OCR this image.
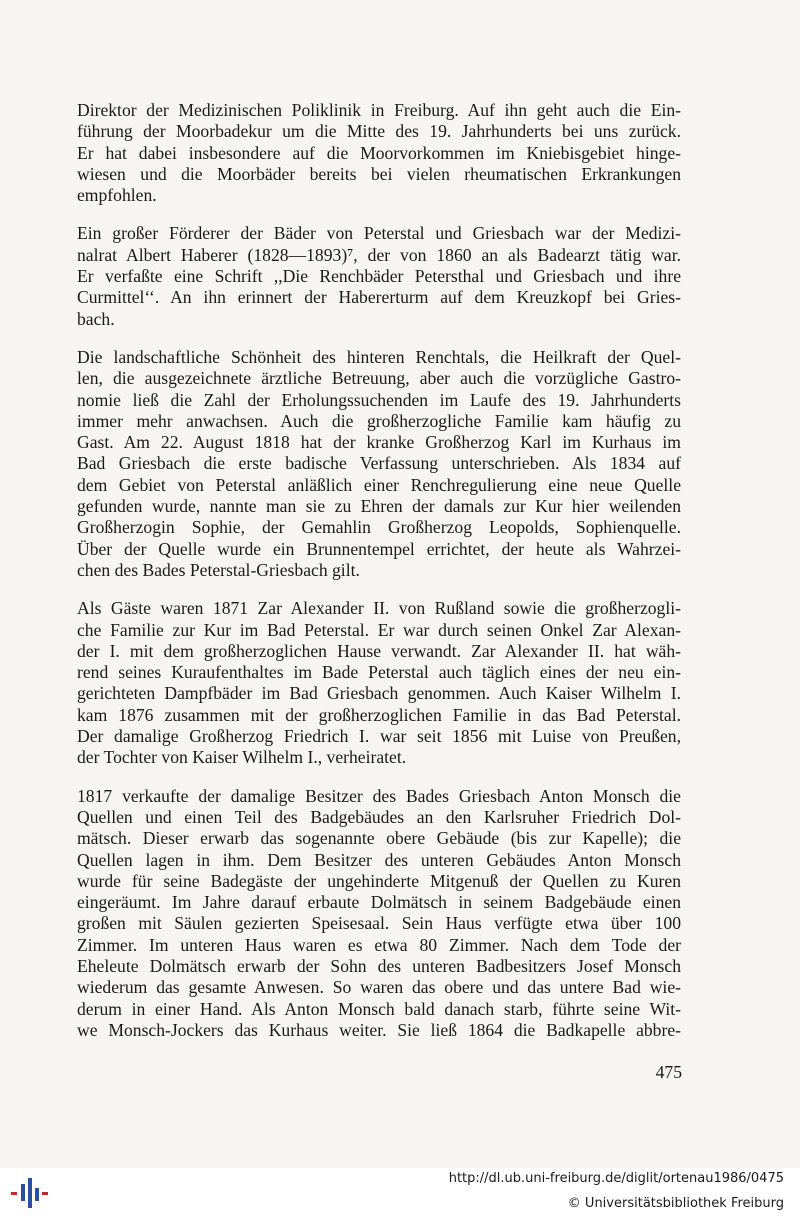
Direktor der Medizinischen Poliklinik in Freiburg. Auf ihn geht auch die Ein-
führung der Moorbadekur um die Mitte des 19. Jahrhunderts bei uns zurück.
Er hat dabei insbesondere auf die Moorvorkommen im Kniebisgebiet hinge-
wiesen und die Moorbäder bereits bei vielen rheumatischen Erkrankungen
empfohlen.
Ein großer Förderer der Bäder von Peterstal und Griesbach war der Medizi-
nalrat Albert Haberer (1828—1893)⁷, der von 1860 an als Badearzt tätig war.
Er verfaßte eine Schrift ,,Die Renchbäder Petersthal und Griesbach und ihre
Curmittel‘‘. An ihn erinnert der Habererturm auf dem Kreuzkopf bei Gries-
bach.
Die landschaftliche Schönheit des hinteren Renchtals, die Heilkraft der Quel-
len, die ausgezeichnete ärztliche Betreuung, aber auch die vorzügliche Gastro-
nomie ließ die Zahl der Erholungssuchenden im Laufe des 19. Jahrhunderts
immer mehr anwachsen. Auch die großherzogliche Familie kam häufig zu
Gast. Am 22. August 1818 hat der kranke Großherzog Karl im Kurhaus im
Bad Griesbach die erste badische Verfassung unterschrieben. Als 1834 auf
dem Gebiet von Peterstal anläßlich einer Renchregulierung eine neue Quelle
gefunden wurde, nannte man sie zu Ehren der damals zur Kur hier weilenden
Großherzogin Sophie, der Gemahlin Großherzog Leopolds, Sophienquelle.
Über der Quelle wurde ein Brunnentempel errichtet, der heute als Wahrzei-
chen des Bades Peterstal-Griesbach gilt.
Als Gäste waren 1871 Zar Alexander II. von Rußland sowie die großherzogli-
che Familie zur Kur im Bad Peterstal. Er war durch seinen Onkel Zar Alexan-
der I. mit dem großherzoglichen Hause verwandt. Zar Alexander II. hat wäh-
rend seines Kuraufenthaltes im Bade Peterstal auch täglich eines der neu ein-
gerichteten Dampfbäder im Bad Griesbach genommen. Auch Kaiser Wilhelm I.
kam 1876 zusammen mit der großherzoglichen Familie in das Bad Peterstal.
Der damalige Großherzog Friedrich I. war seit 1856 mit Luise von Preußen,
der Tochter von Kaiser Wilhelm I., verheiratet.
1817 verkaufte der damalige Besitzer des Bades Griesbach Anton Monsch die
Quellen und einen Teil des Badgebäudes an den Karlsruher Friedrich Dol-
mätsch. Dieser erwarb das sogenannte obere Gebäude (bis zur Kapelle); die
Quellen lagen in ihm. Dem Besitzer des unteren Gebäudes Anton Monsch
wurde für seine Badegäste der ungehinderte Mitgenuß der Quellen zu Kuren
eingeräumt. Im Jahre darauf erbaute Dolmätsch in seinem Badgebäude einen
großen mit Säulen gezierten Speisesaal. Sein Haus verfügte etwa über 100
Zimmer. Im unteren Haus waren es etwa 80 Zimmer. Nach dem Tode der
Eheleute Dolmätsch erwarb der Sohn des unteren Badbesitzers Josef Monsch
wiederum das gesamte Anwesen. So waren das obere und das untere Bad wie-
derum in einer Hand. Als Anton Monsch bald danach starb, führte seine Wit-
we Monsch-Jockers das Kurhaus weiter. Sie ließ 1864 die Badkapelle abbre-
475
http://dl.ub.uni-freiburg.de/diglit/ortenau1986/0475
© Universitätsbibliothek Freiburg
